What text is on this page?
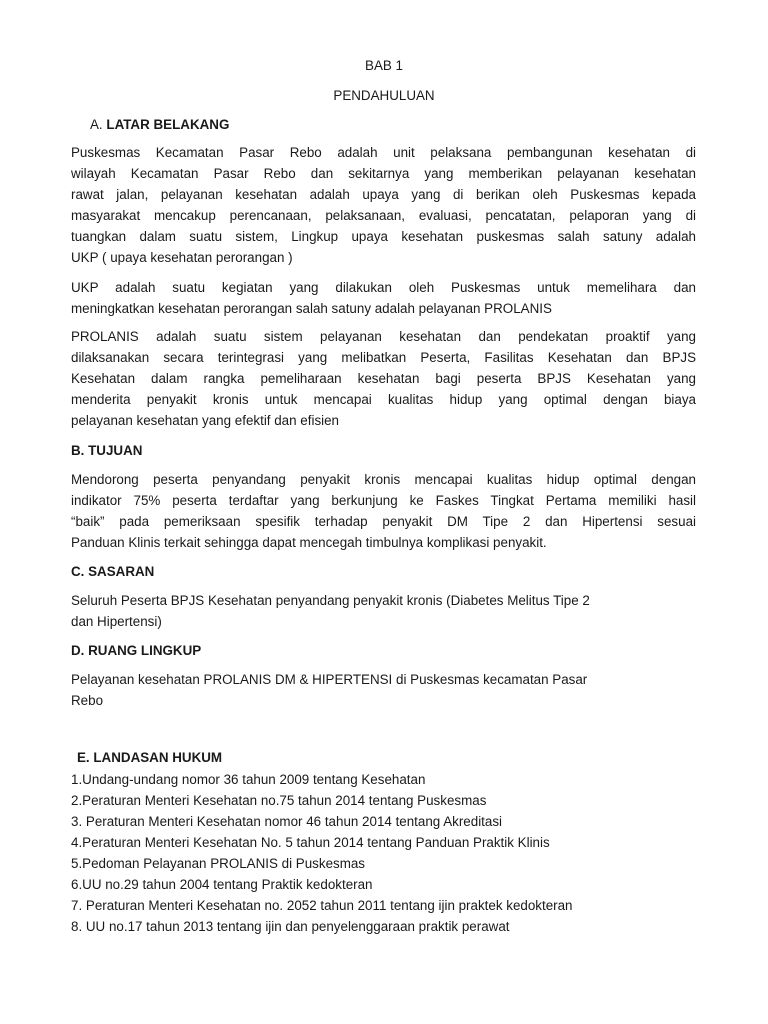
BAB 1
PENDAHULUAN
A. LATAR BELAKANG
Puskesmas Kecamatan Pasar Rebo adalah unit pelaksana pembangunan kesehatan di
wilayah Kecamatan Pasar Rebo dan sekitarnya yang memberikan pelayanan kesehatan
rawat jalan, pelayanan kesehatan adalah upaya yang di berikan oleh Puskesmas kepada
masyarakat mencakup perencanaan, pelaksanaan, evaluasi, pencatatan, pelaporan yang di
tuangkan dalam suatu sistem, Lingkup upaya kesehatan puskesmas salah satuny adalah
UKP ( upaya kesehatan perorangan )
UKP adalah suatu kegiatan yang dilakukan oleh Puskesmas untuk memelihara dan
meningkatkan kesehatan perorangan salah satuny adalah pelayanan PROLANIS
PROLANIS adalah suatu sistem pelayanan kesehatan dan pendekatan proaktif yang
dilaksanakan secara terintegrasi yang melibatkan Peserta, Fasilitas Kesehatan dan BPJS
Kesehatan dalam rangka pemeliharaan kesehatan bagi peserta BPJS Kesehatan yang
menderita penyakit kronis untuk mencapai kualitas hidup yang optimal dengan biaya
pelayanan kesehatan yang efektif dan efisien
B. TUJUAN
Mendorong peserta penyandang penyakit kronis mencapai kualitas hidup optimal dengan
indikator 75% peserta terdaftar yang berkunjung ke Faskes Tingkat Pertama memiliki hasil
“baik” pada pemeriksaan spesifik terhadap penyakit DM Tipe 2 dan Hipertensi sesuai
Panduan Klinis terkait sehingga dapat mencegah timbulnya komplikasi penyakit.
C. SASARAN
Seluruh Peserta BPJS Kesehatan penyandang penyakit kronis (Diabetes Melitus Tipe 2
dan Hipertensi)
D. RUANG LINGKUP
Pelayanan kesehatan PROLANIS DM & HIPERTENSI di Puskesmas kecamatan Pasar
Rebo
E. LANDASAN HUKUM
1.Undang-undang nomor 36 tahun 2009 tentang Kesehatan
2.Peraturan Menteri Kesehatan no.75 tahun 2014 tentang Puskesmas
3. Peraturan Menteri Kesehatan nomor 46 tahun 2014 tentang Akreditasi
4.Peraturan Menteri Kesehatan No. 5 tahun 2014 tentang Panduan Praktik Klinis
5.Pedoman Pelayanan PROLANIS di Puskesmas
6.UU no.29 tahun 2004 tentang Praktik kedokteran
7. Peraturan Menteri Kesehatan no. 2052 tahun 2011 tentang ijin praktek kedokteran
8. UU no.17 tahun 2013 tentang ijin dan penyelenggaraan praktik perawat
